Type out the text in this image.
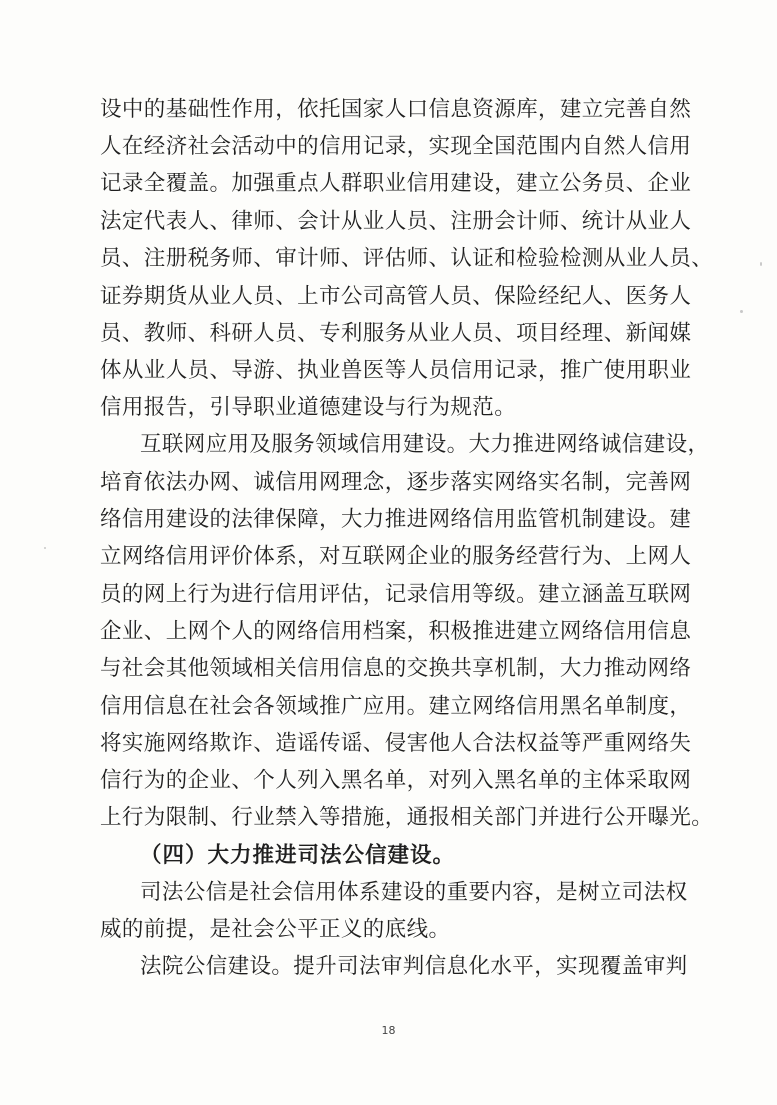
设中的基础性作用，依托国家人口信息资源库，建立完善自然
人在经济社会活动中的信用记录，实现全国范围内自然人信用
记录全覆盖。加强重点人群职业信用建设，建立公务员、企业
法定代表人、律师、会计从业人员、注册会计师、统计从业人
员、注册税务师、审计师、评估师、认证和检验检测从业人员、
证券期货从业人员、上市公司高管人员、保险经纪人、医务人
员、教师、科研人员、专利服务从业人员、项目经理、新闻媒
体从业人员、导游、执业兽医等人员信用记录，推广使用职业
信用报告，引导职业道德建设与行为规范。
互联网应用及服务领域信用建设。大力推进网络诚信建设，
培育依法办网、诚信用网理念，逐步落实网络实名制，完善网
络信用建设的法律保障，大力推进网络信用监管机制建设。建
立网络信用评价体系，对互联网企业的服务经营行为、上网人
员的网上行为进行信用评估，记录信用等级。建立涵盖互联网
企业、上网个人的网络信用档案，积极推进建立网络信用信息
与社会其他领域相关信用信息的交换共享机制，大力推动网络
信用信息在社会各领域推广应用。建立网络信用黑名单制度，
将实施网络欺诈、造谣传谣、侵害他人合法权益等严重网络失
信行为的企业、个人列入黑名单，对列入黑名单的主体采取网
上行为限制、行业禁入等措施，通报相关部门并进行公开曝光。
（四）大力推进司法公信建设。
司法公信是社会信用体系建设的重要内容，是树立司法权
威的前提，是社会公平正义的底线。
法院公信建设。提升司法审判信息化水平，实现覆盖审判
18
